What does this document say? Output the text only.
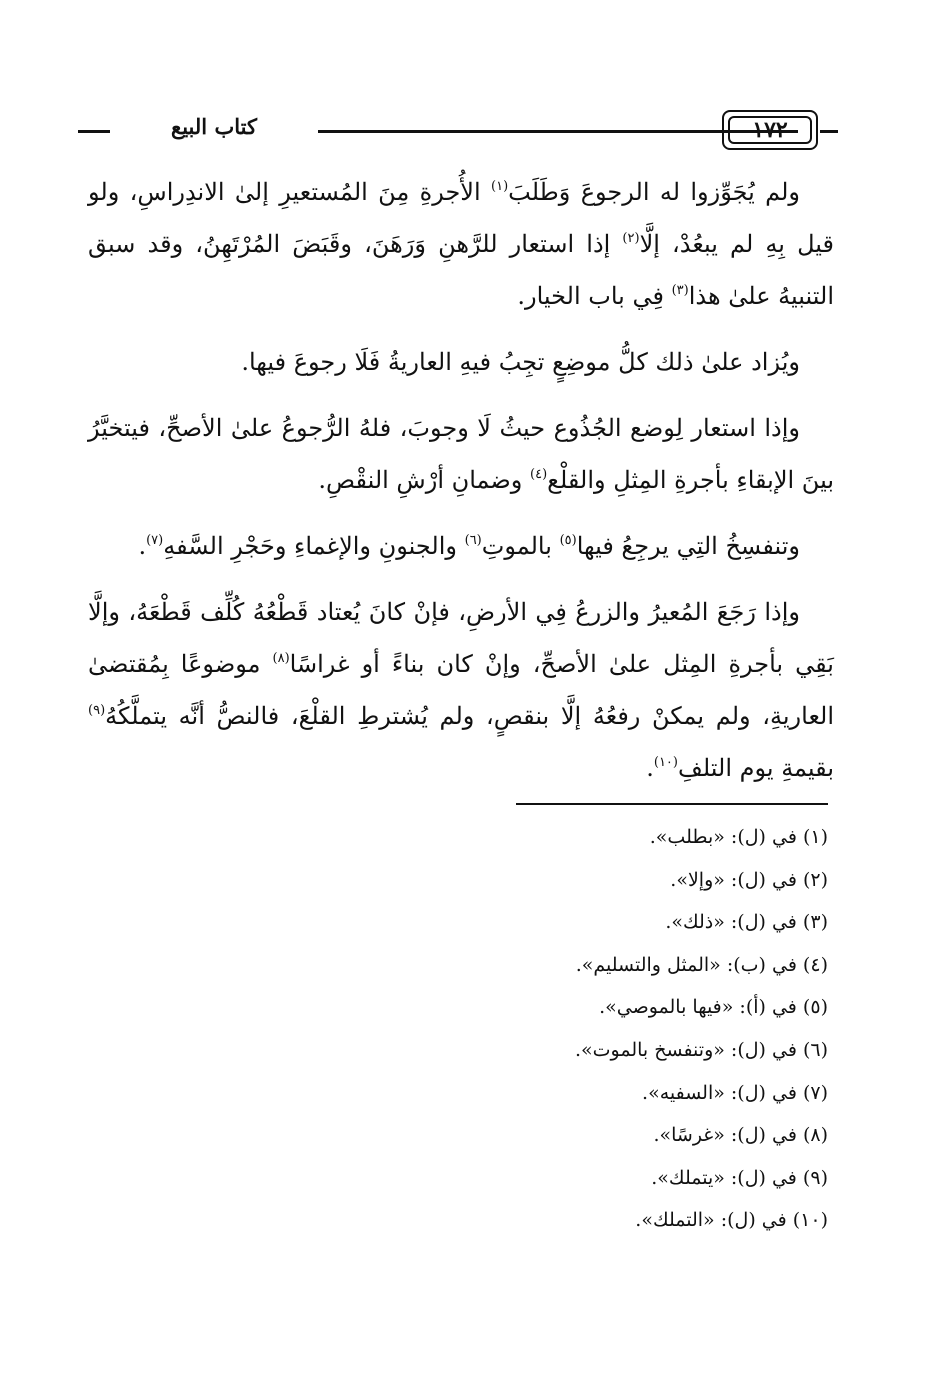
كتاب البيع	١٧٢

ولم يُجَوِّزوا له الرجوعَ وَطَلَبَ$^{(١)}$ الأُجرةِ مِنَ المُستعيرِ إلىٰ الاندِراسِ، ولو قيل بِهِ لم يبعُدْ، إلَّا$^{(٢)}$ إذا استعار للرَّهنِ وَرَهَنَ، وقَبَضَ المُرْتَهِنُ، وقد سبق التنبيهُ علىٰ هذا$^{(٣)}$ فِي باب الخيار.

ويُزاد علىٰ ذلك كلُّ موضِعٍ تجِبُ فيهِ العاريةُ فَلَا رجوعَ فيها.

وإذا استعار لِوضع الجُذُوع حيثُ لَا وجوبَ، فلهُ الرُّجوعُ علىٰ الأصحِّ، فيتخيَّرُ بينَ الإبقاءِ بأجرةِ المِثلِ والقلْع$^{(٤)}$ وضمانِ أرْشِ النقْصِ.

وتنفسِخُ التِي يرجِعُ فيها$^{(٥)}$ بالموتِ$^{(٦)}$ والجنونِ والإغماءِ وحَجْرِ السَّفهِ$^{(٧)}$.

وإذا رَجَعَ المُعيرُ والزرعُ فِي الأرضِ، فإنْ كانَ يُعتاد قَطْعُهُ كُلِّف قَطْعَهُ، وإلَّا بَقِي بأجرةِ المِثل علىٰ الأصحِّ، وإنْ كان بناءً أو غراسًا$^{(٨)}$ موضوعًا بِمُقتضىٰ العاريةِ، ولم يمكنْ رفعُهُ إلَّا بنقصٍ، ولم يُشترطِ القلْعَ، فالنصُّ أنَّه يتملَّكُهُ$^{(٩)}$ بقيمةِ يوم التلفِ$^{(١٠)}$.

(١) في (ل): «بطلب».
(٢) في (ل): «وإلا».
(٣) في (ل): «ذلك».
(٤) في (ب): «المثل والتسليم».
(٥) في (أ): «فيها بالموصي».
(٦) في (ل): «وتنفسخ بالموت».
(٧) في (ل): «السفيه».
(٨) في (ل): «غرسًا».
(٩) في (ل): «يتملك».
(١٠) في (ل): «التملك».
